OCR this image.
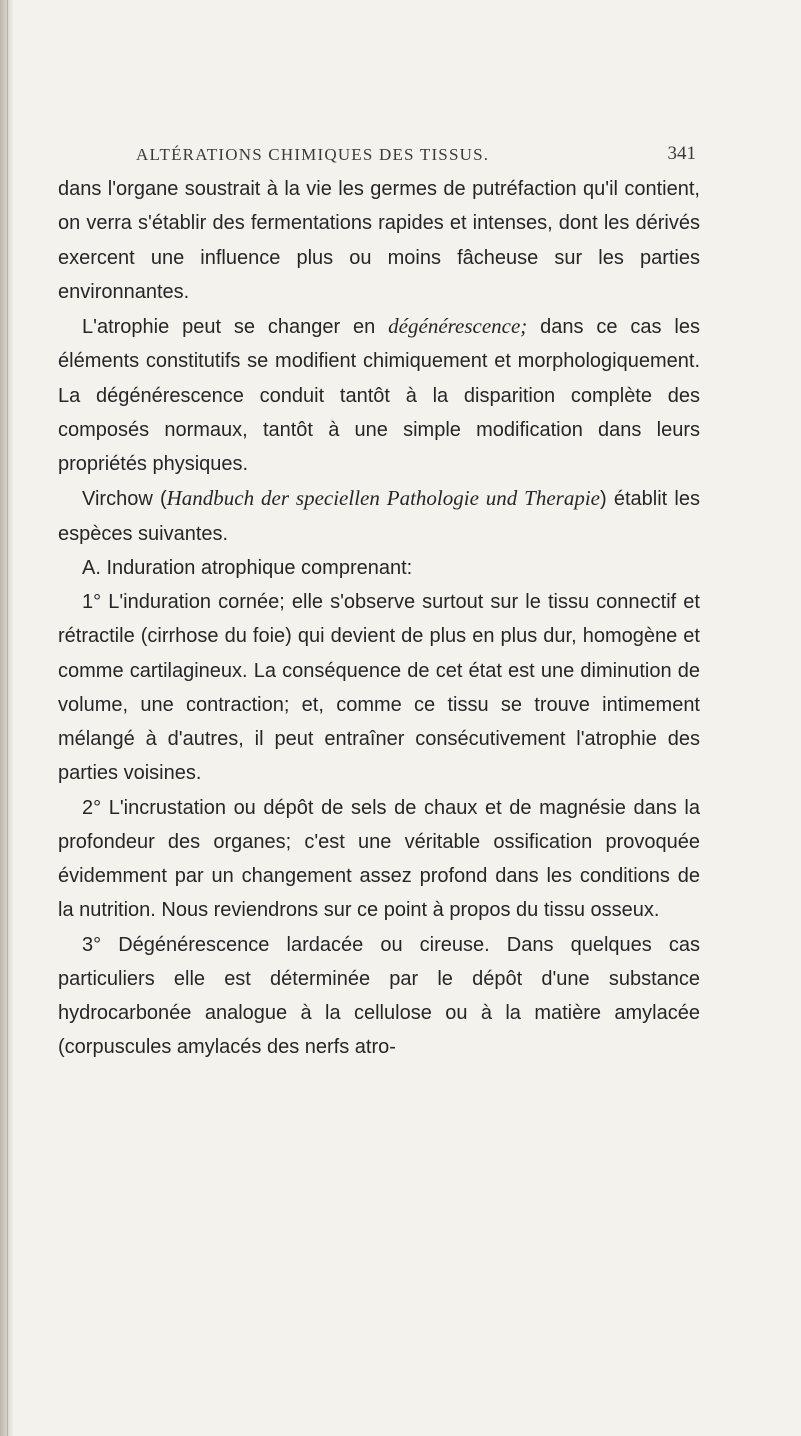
ALTÉRATIONS CHIMIQUES DES TISSUS.	341

dans l'organe soustrait à la vie les germes de putréfaction qu'il contient, on verra s'établir des fermentations rapides et intenses, dont les dérivés exercent une influence plus ou moins fâcheuse sur les parties environnantes.

L'atrophie peut se changer en dégénérescence; dans ce cas les éléments constitutifs se modifient chimiquement et morphologiquement. La dégénérescence conduit tantôt à la disparition complète des composés normaux, tantôt à une simple modification dans leurs propriétés physiques.

Virchow (Handbuch der speciellen Pathologie und Therapie) établit les espèces suivantes.

A. Induration atrophique comprenant:

1° L'induration cornée; elle s'observe surtout sur le tissu connectif et rétractile (cirrhose du foie) qui devient de plus en plus dur, homogène et comme cartilagineux. La conséquence de cet état est une diminution de volume, une contraction; et, comme ce tissu se trouve intimement mélangé à d'autres, il peut entraîner consécutivement l'atrophie des parties voisines.

2° L'incrustation ou dépôt de sels de chaux et de magnésie dans la profondeur des organes; c'est une véritable ossification provoquée évidemment par un changement assez profond dans les conditions de la nutrition. Nous reviendrons sur ce point à propos du tissu osseux.

3° Dégénérescence lardacée ou cireuse. Dans quelques cas particuliers elle est déterminée par le dépôt d'une substance hydrocarbonée analogue à la cellulose ou à la matière amylacée (corpuscules amylacés des nerfs atro-
